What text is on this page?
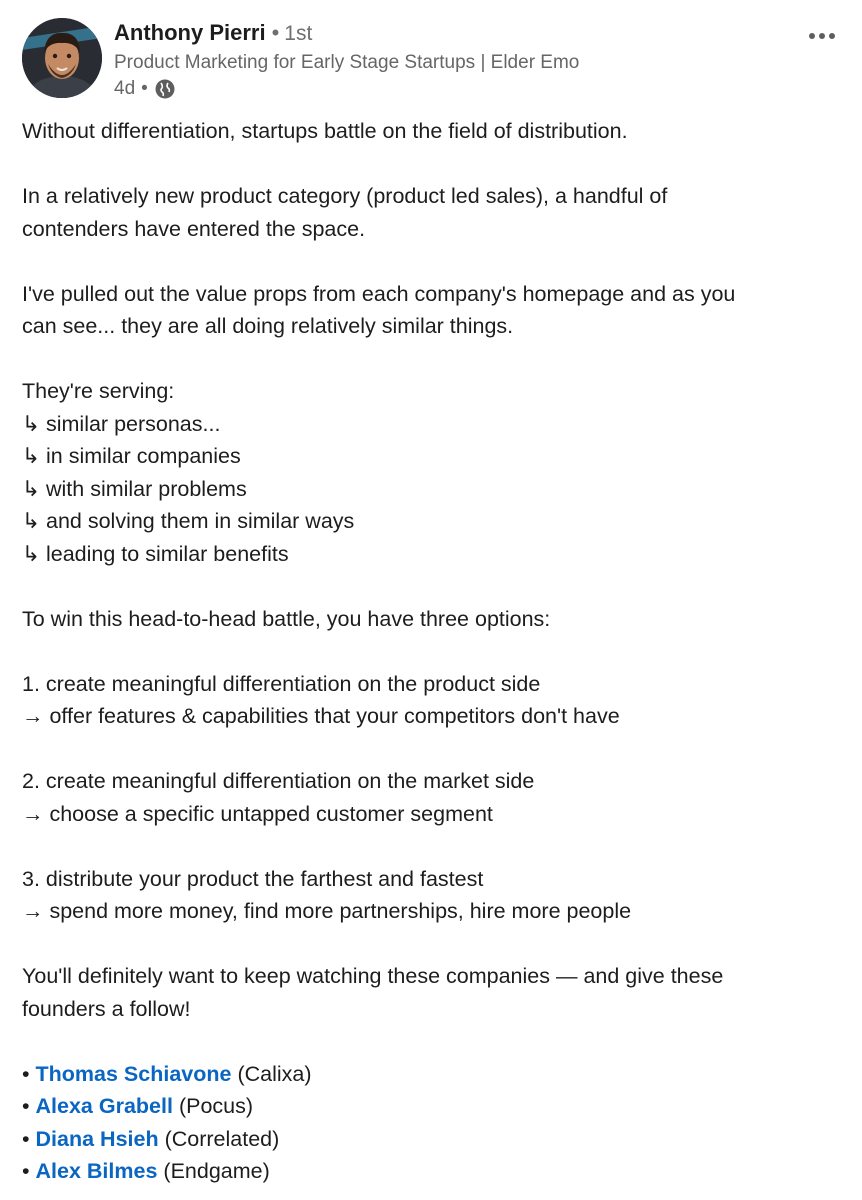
Anthony Pierri • 1st
Product Marketing for Early Stage Startups | Elder Emo
4d •
Without differentiation, startups battle on the field of distribution.
In a relatively new product category (product led sales), a handful of
contenders have entered the space.
I've pulled out the value props from each company's homepage and as you
can see... they are all doing relatively similar things.
They're serving:
↳ similar personas...
↳ in similar companies
↳ with similar problems
↳ and solving them in similar ways
↳ leading to similar benefits
To win this head-to-head battle, you have three options:
1. create meaningful differentiation on the product side
→ offer features & capabilities that your competitors don't have
2. create meaningful differentiation on the market side
→ choose a specific untapped customer segment
3. distribute your product the farthest and fastest
→ spend more money, find more partnerships, hire more people
You'll definitely want to keep watching these companies — and give these
founders a follow!
• Thomas Schiavone (Calixa)
• Alexa Grabell (Pocus)
• Diana Hsieh (Correlated)
• Alex Bilmes (Endgame)
